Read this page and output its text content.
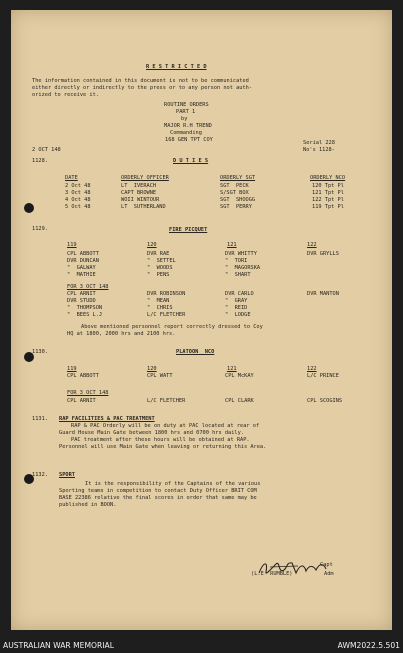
R E S T R I C T E D
The information contained in this document is not to be communicated
either directly or indirectly to the press or to any person not auth-
orized to receive it.
ROUTINE ORDERS
PART 1
by
MAJOR R.H TREND
Commanding
168 GEN TPT COY
2 OCT 148
Serial 228
No's 1128-
1128.	D U T I E S
DATE	ORDERLY OFFICER	ORDERLY SGT	ORDERLY NCO
2 Oct 48	LT  IVERACH	SGT  PECK	120 Tpt Pl
3 Oct 48	CAPT BROWNE	S/SGT BOX	121 Tpt Pl
4 Oct 48	WOII WINTOUR	SGT  SHOOGG	122 Tpt Pl
5 Oct 48	LT  SUTHERLAND	SGT  PERRY	119 Tpt Pl
1129.	FIRE PICQUET
119	120	121	122
CPL ABBOTT	DVR RAE	DVR WHITTY	DVR GRYLLS
DVR DUNCAN	"  SETTEL	"  TORI
"  GALWAY	"  WOODS	"  MAGORSKA
"  MATHIE	"  PENS	"  SHART
FOR 3 OCT 148
CPL ARNIT	DVR ROBINSON	DVR CARLO	DVR MANTON
DVR STUDD	"  MEAN	"  GRAY
"  THOMPSON	"  CHRIS	"  REID
"  BEES L.J	L/C FLETCHER	"  LODGE
Above mentioned personnel report correctly dressed to Coy
HQ at 1800, 2000 hrs and 2100 hrs.
1130.	PLATOON  NCO
119	120	121	122
CPL ABBOTT	CPL WATT	CPL McKAY	L/C PRINCE
FOR 3 OCT 148
CPL ARNIT	L/C FLETCHER	CPL CLARK	CPL SCOGINS
1131. RAP FACILITIES & PAC TREATMENT
RAP & PAC Orderly will be on duty at PAC located at rear of
Guard House Main Gate between 1800 hrs and 0700 hrs daily.
PAC treatment after these hours will be obtained at RAP.
Personnel will use Main Gate when leaving or returning this Area.
1132. SPORT
It is the responsibility of the Captains of the various
Sporting teams in competition to contact Duty Officer BRIT COM
BASE 22386 relative the final scores in order that same may be
published in BOON.
Capt
(L.E  RUMBLE)	Adm
AUSTRALIAN WAR MEMORIAL	AWM2022.5.501
